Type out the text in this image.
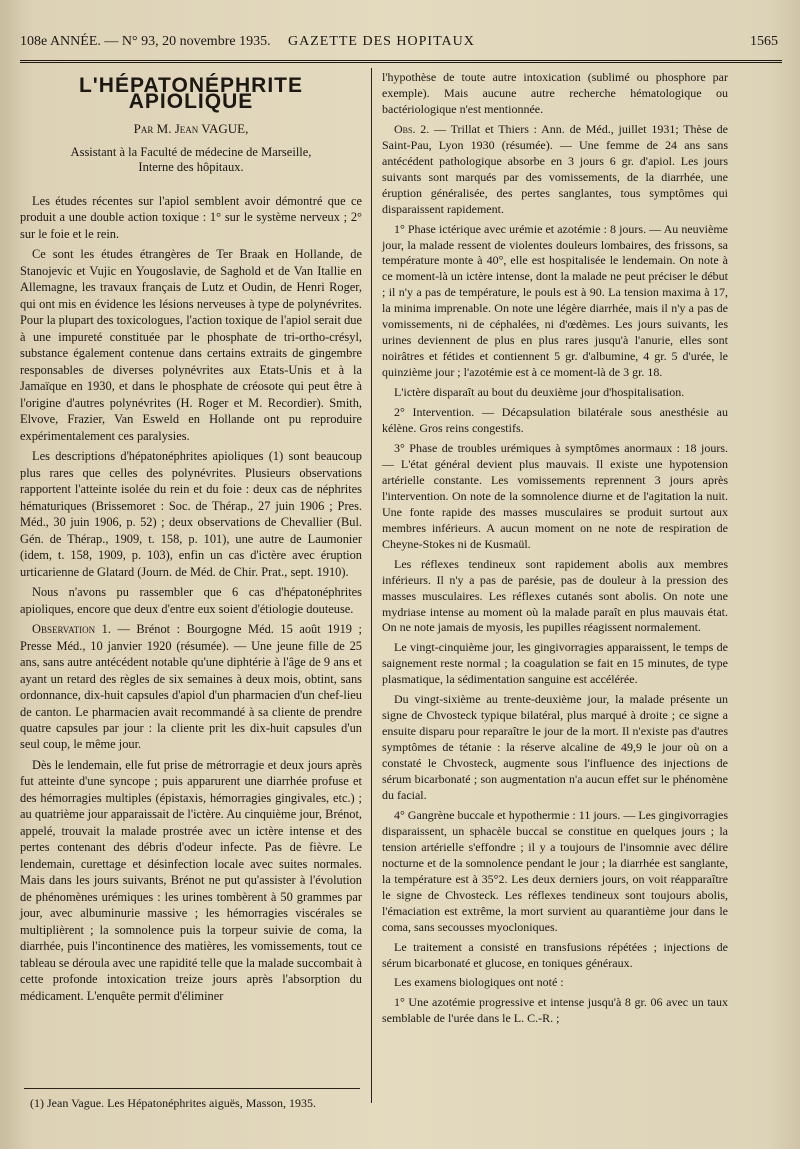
108e ANNÉE. — N° 93, 20 novembre 1935. GAZETTE DES HOPITAUX	1565
L'HÉPATONÉPHRITE APIOLIQUE
Par M. Jean VAGUE,
Assistant à la Faculté de médecine de Marseille,
Interne des hôpitaux.

Les études récentes sur l'apiol semblent avoir démontré que ce produit a une double action toxique : 1° sur le système nerveux ; 2° sur le foie et le rein.

Ce sont les études étrangères de Ter Braak en Hollande, de Stanojevic et Vujic en Yougoslavie, de Saghold et de Van Itallie en Allemagne, les travaux français de Lutz et Oudin, de Henri Roger, qui ont mis en évidence les lésions nerveuses à type de polynévrites. Pour la plupart des toxicologues, l'action toxique de l'apiol serait due à une impureté constituée par le phosphate de tri-ortho-crésyl, substance également contenue dans certains extraits de gingembre responsables de diverses polynévrites aux Etats-Unis et à la Jamaïque en 1930, et dans le phosphate de créosote qui peut être à l'origine d'autres polynévrites (H. Roger et M. Recordier). Smith, Elvove, Frazier, Van Esweld en Hollande ont pu reproduire expérimentalement ces paralysies.

Les descriptions d'hépatonéphrites apioliques (1) sont beaucoup plus rares que celles des polynévrites. Plusieurs observations rapportent l'atteinte isolée du rein et du foie : deux cas de néphrites hématuriques (Brissemoret : Soc. de Thérap., 27 juin 1906 ; Pres. Méd., 30 juin 1906, p. 52) ; deux observations de Chevallier (Bul. Gén. de Thérap., 1909, t. 158, p. 101), une autre de Laumonier (idem, t. 158, 1909, p. 103), enfin un cas d'ictère avec éruption urticarienne de Glatard (Journ. de Méd. de Chir. Prat., sept. 1910).

Nous n'avons pu rassembler que 6 cas d'hépatonéphrites apioliques, encore que deux d'entre eux soient d'étiologie douteuse.

Observation 1. — Brénot : Bourgogne Méd. 15 août 1919 ; Presse Méd., 10 janvier 1920 (résumée). — Une jeune fille de 25 ans, sans autre antécédent notable qu'une diphtérie à l'âge de 9 ans et ayant un retard des règles de six semaines à deux mois, obtint, sans ordonnance, dix-huit capsules d'apiol d'un pharmacien d'un chef-lieu de canton. Le pharmacien avait recommandé à sa cliente de prendre quatre capsules par jour : la cliente prit les dix-huit capsules d'un seul coup, le même jour.

Dès le lendemain, elle fut prise de métrorragie et deux jours après fut atteinte d'une syncope ; puis apparurent une diarrhée profuse et des hémorragies multiples (épistaxis, hémorragies gingivales, etc.) ; au quatrième jour apparaissait de l'ictère. Au cinquième jour, Brénot, appelé, trouvait la malade prostrée avec un ictère intense et des pertes contenant des débris d'odeur infecte. Pas de fièvre. Le lendemain, curettage et désinfection locale avec suites normales. Mais dans les jours suivants, Brénot ne put qu'assister à l'évolution de phénomènes urémiques : les urines tombèrent à 50 grammes par jour, avec albuminurie massive ; les hémorragies viscérales se multiplièrent ; la somnolence puis la torpeur suivie de coma, la diarrhée, puis l'incontinence des matières, les vomissements, tout ce tableau se déroula avec une rapidité telle que la malade succombait à cette profonde intoxication treize jours après l'absorption du médicament. L'enquête permit d'éliminer

l'hypothèse de toute autre intoxication (sublimé ou phosphore par exemple). Mais aucune autre recherche hématologique ou bactériologique n'est mentionnée.

Obs. 2. — Trillat et Thiers : Ann. de Méd., juillet 1931; Thèse de Saint-Pau, Lyon 1930 (résumée). — Une femme de 24 ans sans antécédent pathologique absorbe en 3 jours 6 gr. d'apiol. Les jours suivants sont marqués par des vomissements, de la diarrhée, une éruption généralisée, des pertes sanglantes, tous symptômes qui disparaissent rapidement.

1° Phase ictérique avec urémie et azotémie : 8 jours. — Au neuvième jour, la malade ressent de violentes douleurs lombaires, des frissons, sa température monte à 40°, elle est hospitalisée le lendemain. On note à ce moment-là un ictère intense, dont la malade ne peut préciser le début ; il n'y a pas de température, le pouls est à 90. La tension maxima à 17, la minima imprenable. On note une légère diarrhée, mais il n'y a pas de vomissements, ni de céphalées, ni d'œdèmes. Les jours suivants, les urines deviennent de plus en plus rares jusqu'à l'anurie, elles sont noirâtres et fétides et contiennent 5 gr. d'albumine, 4 gr. 5 d'urée, le quinzième jour ; l'azotémie est à ce moment-là de 3 gr. 18.

L'ictère disparaît au bout du deuxième jour d'hospitalisation.

2° Intervention. — Décapsulation bilatérale sous anesthésie au kélène. Gros reins congestifs.

3° Phase de troubles urémiques à symptômes anormaux : 18 jours. — L'état général devient plus mauvais. Il existe une hypotension artérielle constante. Les vomissements reprennent 3 jours après l'intervention. On note de la somnolence diurne et de l'agitation la nuit. Une fonte rapide des masses musculaires se produit surtout aux membres inférieurs. A aucun moment on ne note de respiration de Cheyne-Stokes ni de Kusmaül.

Les réflexes tendineux sont rapidement abolis aux membres inférieurs. Il n'y a pas de parésie, pas de douleur à la pression des masses musculaires. Les réflexes cutanés sont abolis. On note une mydriase intense au moment où la malade paraît en plus mauvais état. On ne note jamais de myosis, les pupilles réagissent normalement.

Le vingt-cinquième jour, les gingivorragies apparaissent, le temps de saignement reste normal ; la coagulation se fait en 15 minutes, de type plasmatique, la sédimentation sanguine est accélérée.

Du vingt-sixième au trente-deuxième jour, la malade présente un signe de Chvosteck typique bilatéral, plus marqué à droite ; ce signe a ensuite disparu pour reparaître le jour de la mort. Il n'existe pas d'autres symptômes de tétanie : la réserve alcaline de 49,9 le jour où on a constaté le Chvosteck, augmente sous l'influence des injections de sérum bicarbonaté ; son augmentation n'a aucun effet sur le phénomène du facial.

4° Gangrène buccale et hypothermie : 11 jours. — Les gingivorragies disparaissent, un sphacèle buccal se constitue en quelques jours ; la tension artérielle s'effondre ; il y a toujours de l'insomnie avec délire nocturne et de la somnolence pendant le jour ; la diarrhée est sanglante, la température est à 35°2. Les deux derniers jours, on voit réapparaître le signe de Chvosteck. Les réflexes tendineux sont toujours abolis, l'émaciation est extrême, la mort survient au quarantième jour dans le coma, sans secousses myocloniques.

Le traitement a consisté en transfusions répétées ; injections de sérum bicarbonaté et glucose, en toniques généraux.

Les examens biologiques ont noté :

1° Une azotémie progressive et intense jusqu'à 8 gr. 06 avec un taux semblable de l'urée dans le L. C.-R. ;

(1) Jean Vague. Les Hépatonéphrites aiguës, Masson, 1935.
